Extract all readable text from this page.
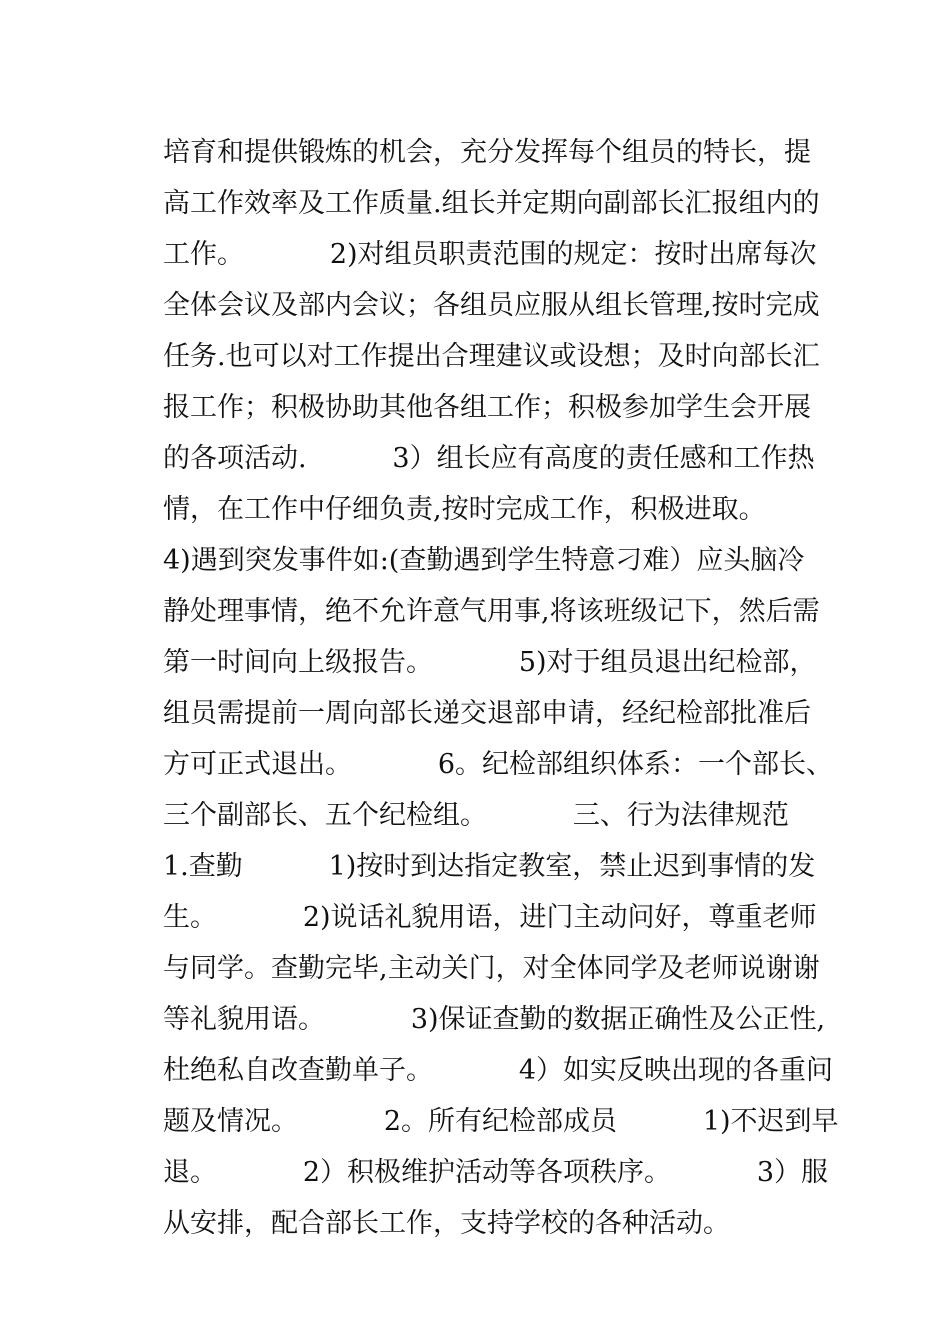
培育和提供锻炼的机会，充分发挥每个组员的特长，提
高工作效率及工作质量.组长并定期向副部长汇报组内的
工作。          2)对组员职责范围的规定：按时出席每次
全体会议及部内会议；各组员应服从组长管理,按时完成
任务.也可以对工作提出合理建议或设想；及时向部长汇
报工作；积极协助其他各组工作；积极参加学生会开展
的各项活动.          3）组长应有高度的责任感和工作热
情，在工作中仔细负责,按时完成工作，积极进取。
4)遇到突发事件如:(查勤遇到学生特意刁难）应头脑冷
静处理事情，绝不允许意气用事,将该班级记下，然后需
第一时间向上级报告。          5)对于组员退出纪检部，
组员需提前一周向部长递交退部申请，经纪检部批准后
方可正式退出。          6。纪检部组织体系：一个部长、
三个副部长、五个纪检组。          三、行为法律规范
1.查勤          1)按时到达指定教室，禁止迟到事情的发
生。          2)说话礼貌用语，进门主动问好，尊重老师
与同学。查勤完毕,主动关门，对全体同学及老师说谢谢
等礼貌用语。          3)保证查勤的数据正确性及公正性,
杜绝私自改查勤单子。          4）如实反映出现的各重问
题及情况。          2。所有纪检部成员          1)不迟到早
退。          2）积极维护活动等各项秩序。          3）服
从安排，配合部长工作，支持学校的各种活动。
